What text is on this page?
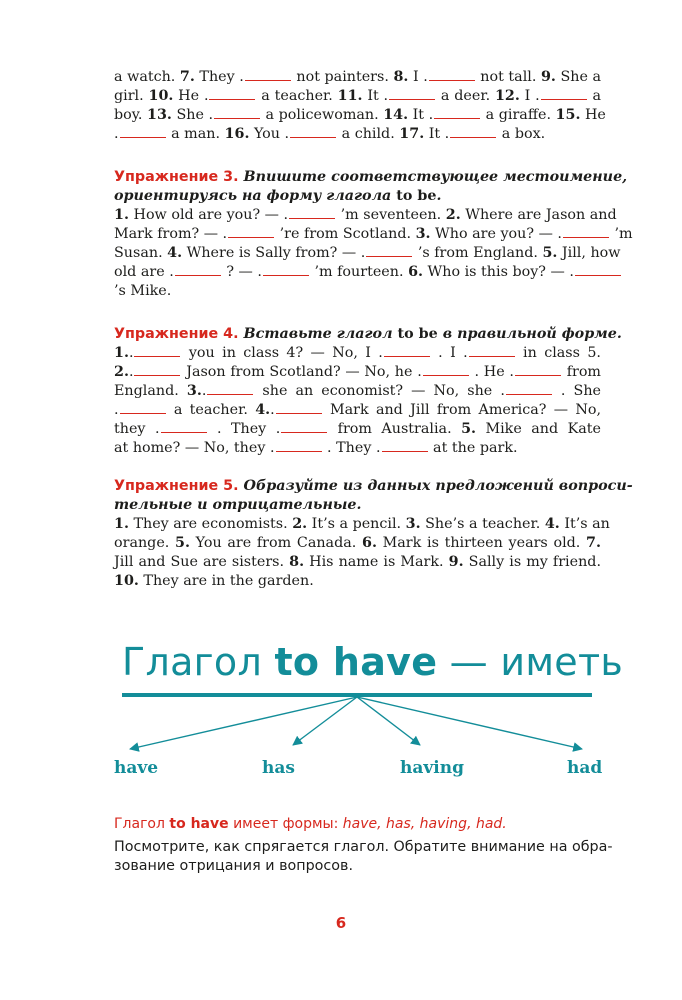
a watch. 7. They .	not painters. 8. I .	not tall. 9. She a
girl. 10. He .	a teacher. 11. It .	a deer. 12. I .	a
boy. 13. She .	a policewoman. 14. It .	a giraffe. 15. He
.  a man. 16. You .	a child. 17. It .	a box.
Упражнение 3. Впишите соответствующее местоимение,
ориентируясь на форму глагола to be.
1. How old are you? — .	’m seventeen. 2. Where are Jason and
Mark from? — .	’re from Scotland. 3. Who are you? — .	’m
Susan. 4. Where is Sally from? — .	’s from England. 5. Jill, how
old are .	? — .	’m fourteen. 6. Who is this boy? — .
’s Mike.
Упражнение 4. Вставьте глагол to be в правильной форме.
1. .	you in class 4? — No, I .	. I .	in class 5.
2. .	Jason from Scotland? — No, he .	. He .	from
England. 3. .	she an economist? — No, she .	. She
.  a teacher. 4. .	Mark and Jill from America? — No,
they .	. They .	from Australia. 5. Mike and Kate
at home? — No, they .	. They .	at the park.
Упражнение 5. Образуйте из данных предложений вопроси-
тельные и отрицательные.
1. They are economists. 2. It’s a pencil. 3. She’s a teacher. 4. It’s an
orange. 5. You are from Canada. 6. Mark is thirteen years old. 7.
Jill and Sue are sisters. 8. His name is Mark. 9. Sally is my friend.
10. They are in the garden.
Глагол to have — иметь
have	has	having	had
Глагол to have имеет формы: have, has, having, had.
Посмотрите, как спрягается глагол. Обратите внимание на обра-
зование отрицания и вопросов.
6
